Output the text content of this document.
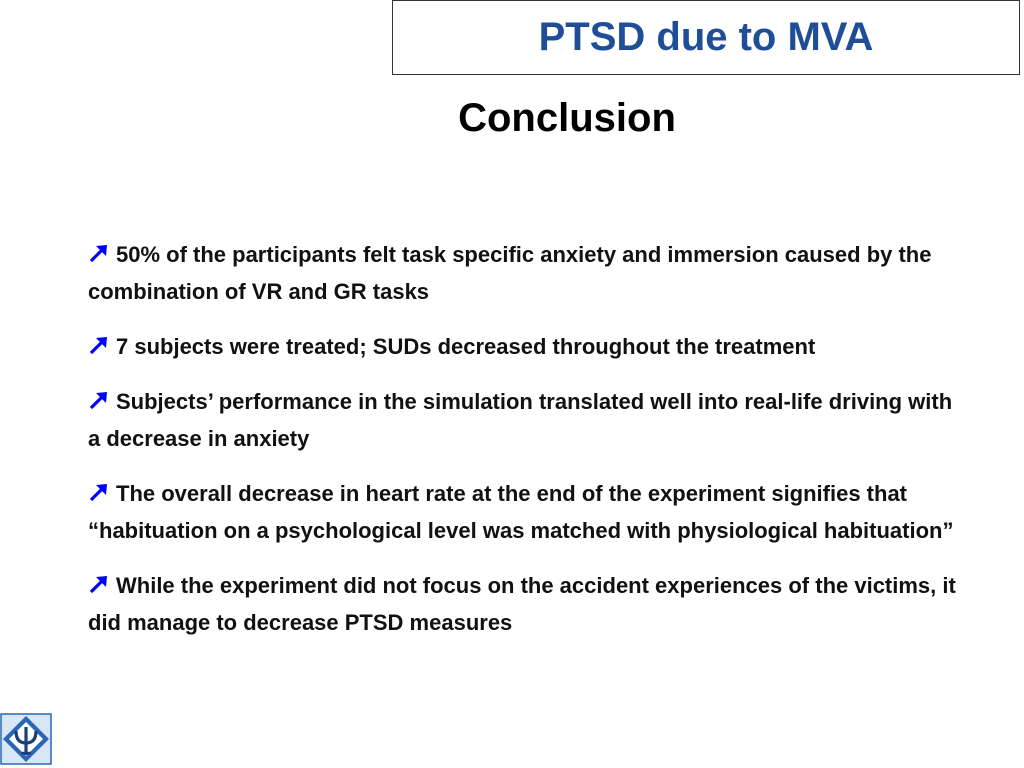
PTSD due to MVA
Conclusion
50% of the participants felt task specific anxiety and immersion caused by the combination of VR and GR tasks
7 subjects were treated; SUDs decreased throughout the treatment
Subjects’ performance in the simulation translated well into real-life driving with a decrease in anxiety
The overall decrease in heart rate at the end of the experiment signifies that “habituation on a psychological level was matched with physiological habituation”
While the experiment did not focus on the accident experiences of the victims, it did manage to decrease PTSD measures
